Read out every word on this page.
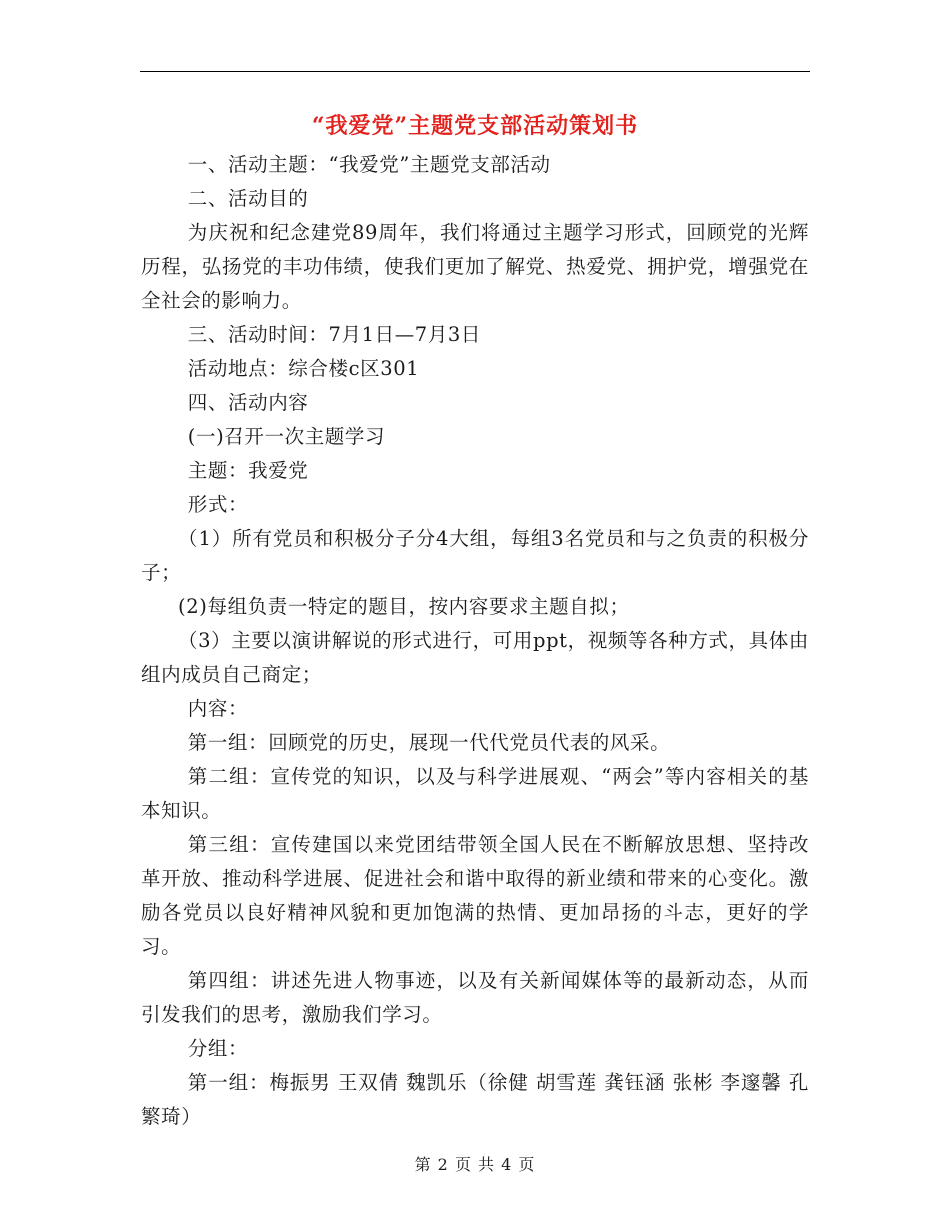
“我爱党”主题党支部活动策划书

一、活动主题：“我爱党”主题党支部活动

二、活动目的

为庆祝和纪念建党89周年，我们将通过主题学习形式，回顾党的光辉历程，弘扬党的丰功伟绩，使我们更加了解党、热爱党、拥护党，增强党在全社会的影响力。

三、活动时间：7月1日—7月3日

活动地点：综合楼c区301

四、活动内容

(一)召开一次主题学习

主题：我爱党

形式：

（1）所有党员和积极分子分4大组，每组3名党员和与之负责的积极分子；

(2)每组负责一特定的题目，按内容要求主题自拟；

（3）主要以演讲解说的形式进行，可用ppt，视频等各种方式，具体由组内成员自己商定；

内容：

第一组：回顾党的历史，展现一代代党员代表的风采。

第二组：宣传党的知识，以及与科学进展观、“两会”等内容相关的基本知识。

第三组：宣传建国以来党团结带领全国人民在不断解放思想、坚持改革开放、推动科学进展、促进社会和谐中取得的新业绩和带来的心变化。激励各党员以良好精神风貌和更加饱满的热情、更加昂扬的斗志，更好的学习。

第四组：讲述先进人物事迹，以及有关新闻媒体等的最新动态，从而引发我们的思考，激励我们学习。

分组：

第一组：梅振男 王双倩 魏凯乐（徐健 胡雪莲 龚钰涵 张彬 李邃馨 孔繁琦）

第 2 页 共 4 页
